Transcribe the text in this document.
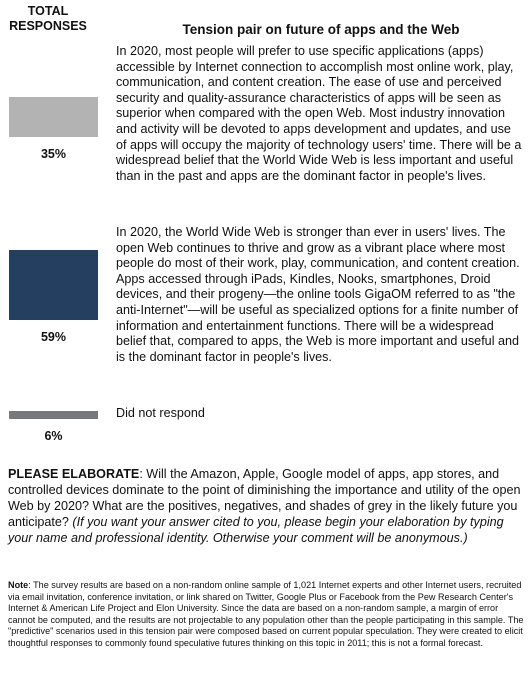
TOTAL
RESPONSES	Tension pair on future of apps and the Web
35%
59%
6%

In 2020, most people will prefer to use specific applications (apps) accessible by Internet connection to accomplish most online work, play, communication, and content creation. The ease of use and perceived security and quality-assurance characteristics of apps will be seen as superior when compared with the open Web. Most industry innovation and activity will be devoted to apps development and updates, and use of apps will occupy the majority of technology users' time. There will be a widespread belief that the World Wide Web is less important and useful than in the past and apps are the dominant factor in people's lives.

In 2020, the World Wide Web is stronger than ever in users' lives. The open Web continues to thrive and grow as a vibrant place where most people do most of their work, play, communication, and content creation. Apps accessed through iPads, Kindles, Nooks, smartphones, Droid devices, and their progeny—the online tools GigaOM referred to as "the anti-Internet"—will be useful as specialized options for a finite number of information and entertainment functions. There will be a widespread belief that, compared to apps, the Web is more important and useful and is the dominant factor in people's lives.

Did not respond

PLEASE ELABORATE: Will the Amazon, Apple, Google model of apps, app stores, and controlled devices dominate to the point of diminishing the importance and utility of the open Web by 2020? What are the positives, negatives, and shades of grey in the likely future you anticipate? (If you want your answer cited to you, please begin your elaboration by typing your name and professional identity. Otherwise your comment will be anonymous.)

Note: The survey results are based on a non-random online sample of 1,021 Internet experts and other Internet users, recruited via email invitation, conference invitation, or link shared on Twitter, Google Plus or Facebook from the Pew Research Center's Internet & American Life Project and Elon University. Since the data are based on a non-random sample, a margin of error cannot be computed, and the results are not projectable to any population other than the people participating in this sample. The "predictive" scenarios used in this tension pair were composed based on current popular speculation. They were created to elicit thoughtful responses to commonly found speculative futures thinking on this topic in 2011; this is not a formal forecast.
